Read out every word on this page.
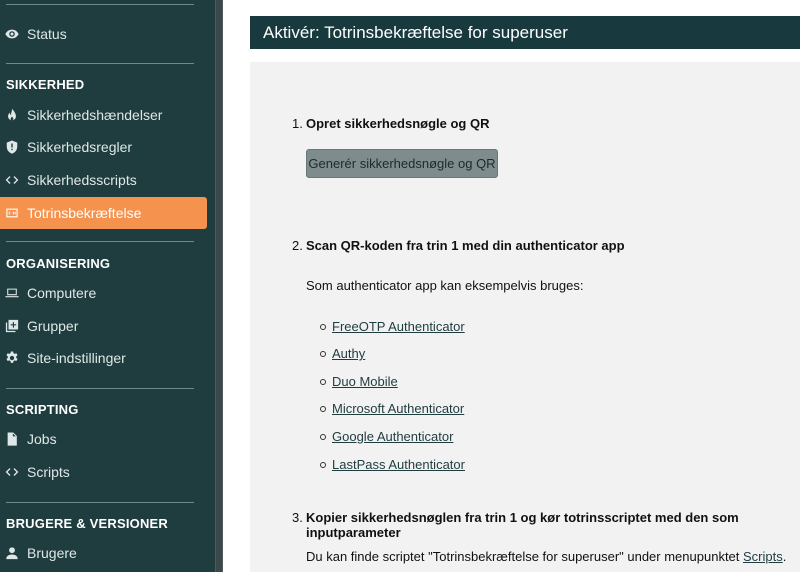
Status
SIKKERHED
Sikkerhedshændelser
Sikkerhedsregler
Sikkerhedsscripts
Totrinsbekræftelse
ORGANISERING
Computere
Grupper
Site-indstillinger
SCRIPTING
Jobs
Scripts
BRUGERE & VERSIONER
Brugere
Aktivér: Totrinsbekræftelse for superuser
1. Opret sikkerhedsnøgle og QR
Generér sikkerhedsnøgle og QR
2. Scan QR-koden fra trin 1 med din authenticator app
Som authenticator app kan eksempelvis bruges:
FreeOTP Authenticator
Authy
Duo Mobile
Microsoft Authenticator
Google Authenticator
LastPass Authenticator
3. Kopier sikkerhedsnøglen fra trin 1 og kør totrinsscriptet med den som inputparameter
Du kan finde scriptet "Totrinsbekræftelse for superuser" under menupunktet Scripts.
